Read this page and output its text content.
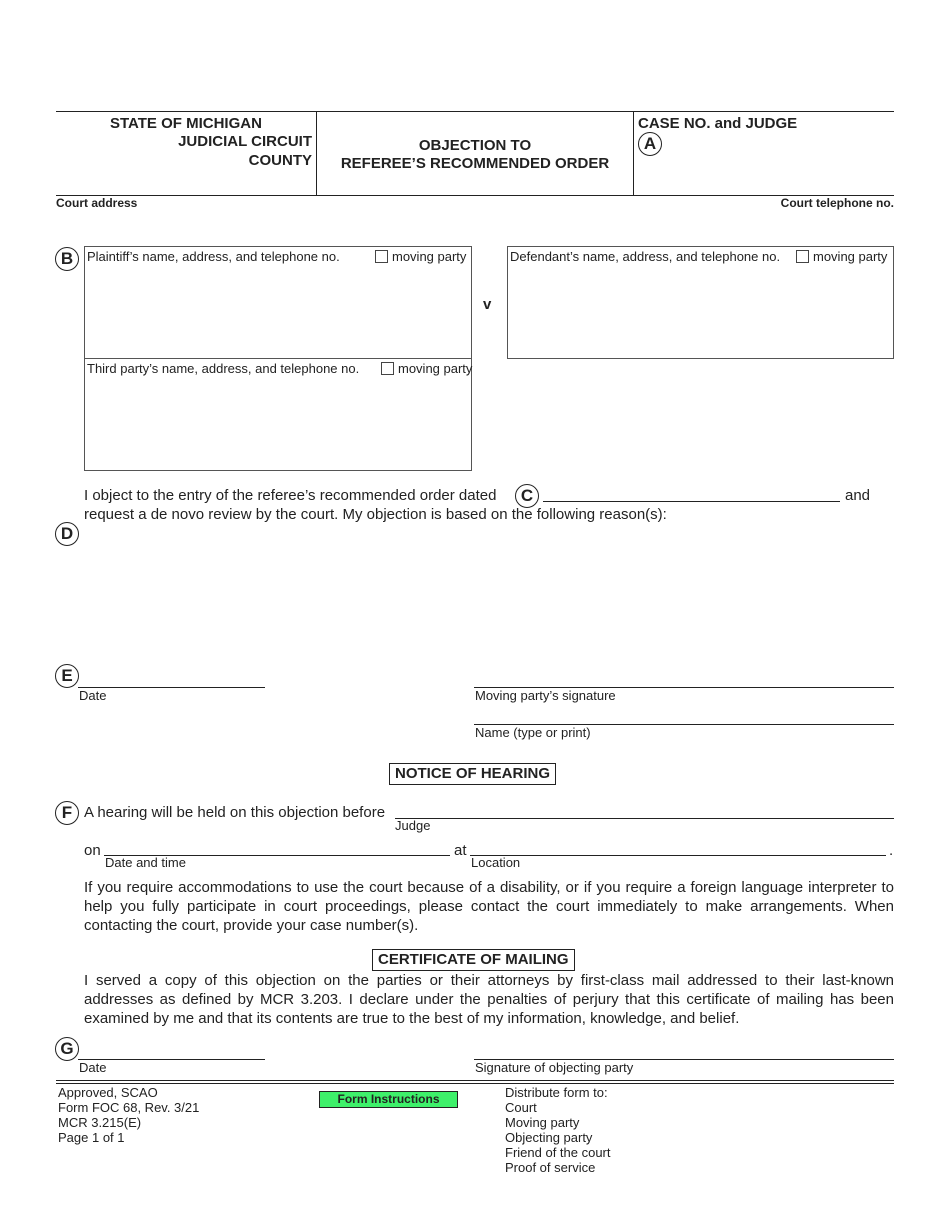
STATE OF MICHIGAN
JUDICIAL CIRCUIT
COUNTY
OBJECTION TO
REFEREE’S RECOMMENDED ORDER
CASE NO. and JUDGE
A
Court address	Court telephone no.
B	Plaintiff’s name, address, and telephone no.	moving party
Third party’s name, address, and telephone no.	moving party
v
Defendant’s name, address, and telephone no.	moving party
I object to the entry of the referee’s recommended order dated	C	and
request a de novo review by the court. My objection is based on the following reason(s):
D
E
Date	Moving party’s signature
Name (type or print)
NOTICE OF HEARING
F A hearing will be held on this objection before
Judge
on
Date and time
at
Location
.
If you require accommodations to use the court because of a disability, or if you require a foreign language interpreter to help you fully participate in court proceedings, please contact the court immediately to make arrangements. When contacting the court, provide your case number(s).
CERTIFICATE OF MAILING
I served a copy of this objection on the parties or their attorneys by first-class mail addressed to their last-known addresses as defined by MCR 3.203. I declare under the penalties of perjury that this certificate of mailing has been examined by me and that its contents are true to the best of my information, knowledge, and belief.
G
Date	Signature of objecting party
Approved, SCAO
Form FOC 68, Rev. 3/21
MCR 3.215(E)
Page 1 of 1
Form Instructions	Distribute form to:
Court
Moving party
Objecting party
Friend of the court
Proof of service
